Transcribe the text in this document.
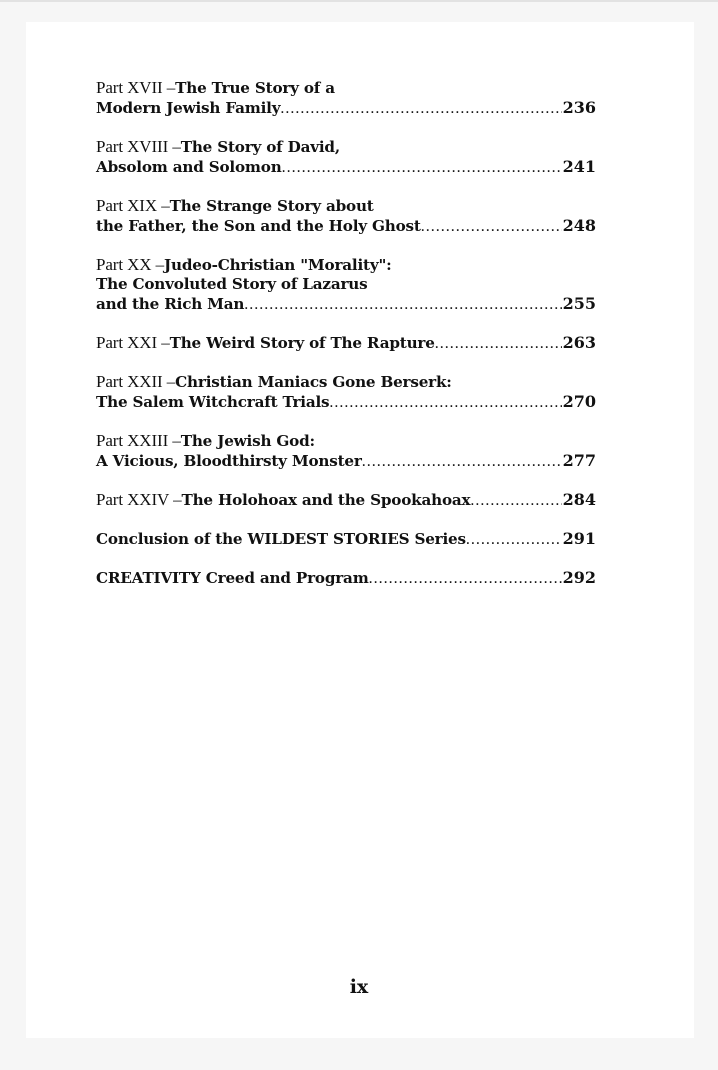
Part XVII – The True Story of a
Modern Jewish Family .....	236
Part XVIII – The Story of David,
Absolom and Solomon .....	241
Part XIX – The Strange Story about
the Father, the Son and the Holy Ghost .....	248
Part XX – Judeo-Christian "Morality":
The Convoluted Story of Lazarus
and the Rich Man .....	255
Part XXI – The Weird Story of The Rapture .....	263
Part XXII – Christian Maniacs Gone Berserk:
The Salem Witchcraft Trials .....	270
Part XXIII – The Jewish God:
A Vicious, Bloodthirsty Monster .....	277
Part XXIV – The Holohoax and the Spookahoax .....	284
Conclusion of the WILDEST STORIES Series .....	291
CREATIVITY Creed and Program .....	292
ix
